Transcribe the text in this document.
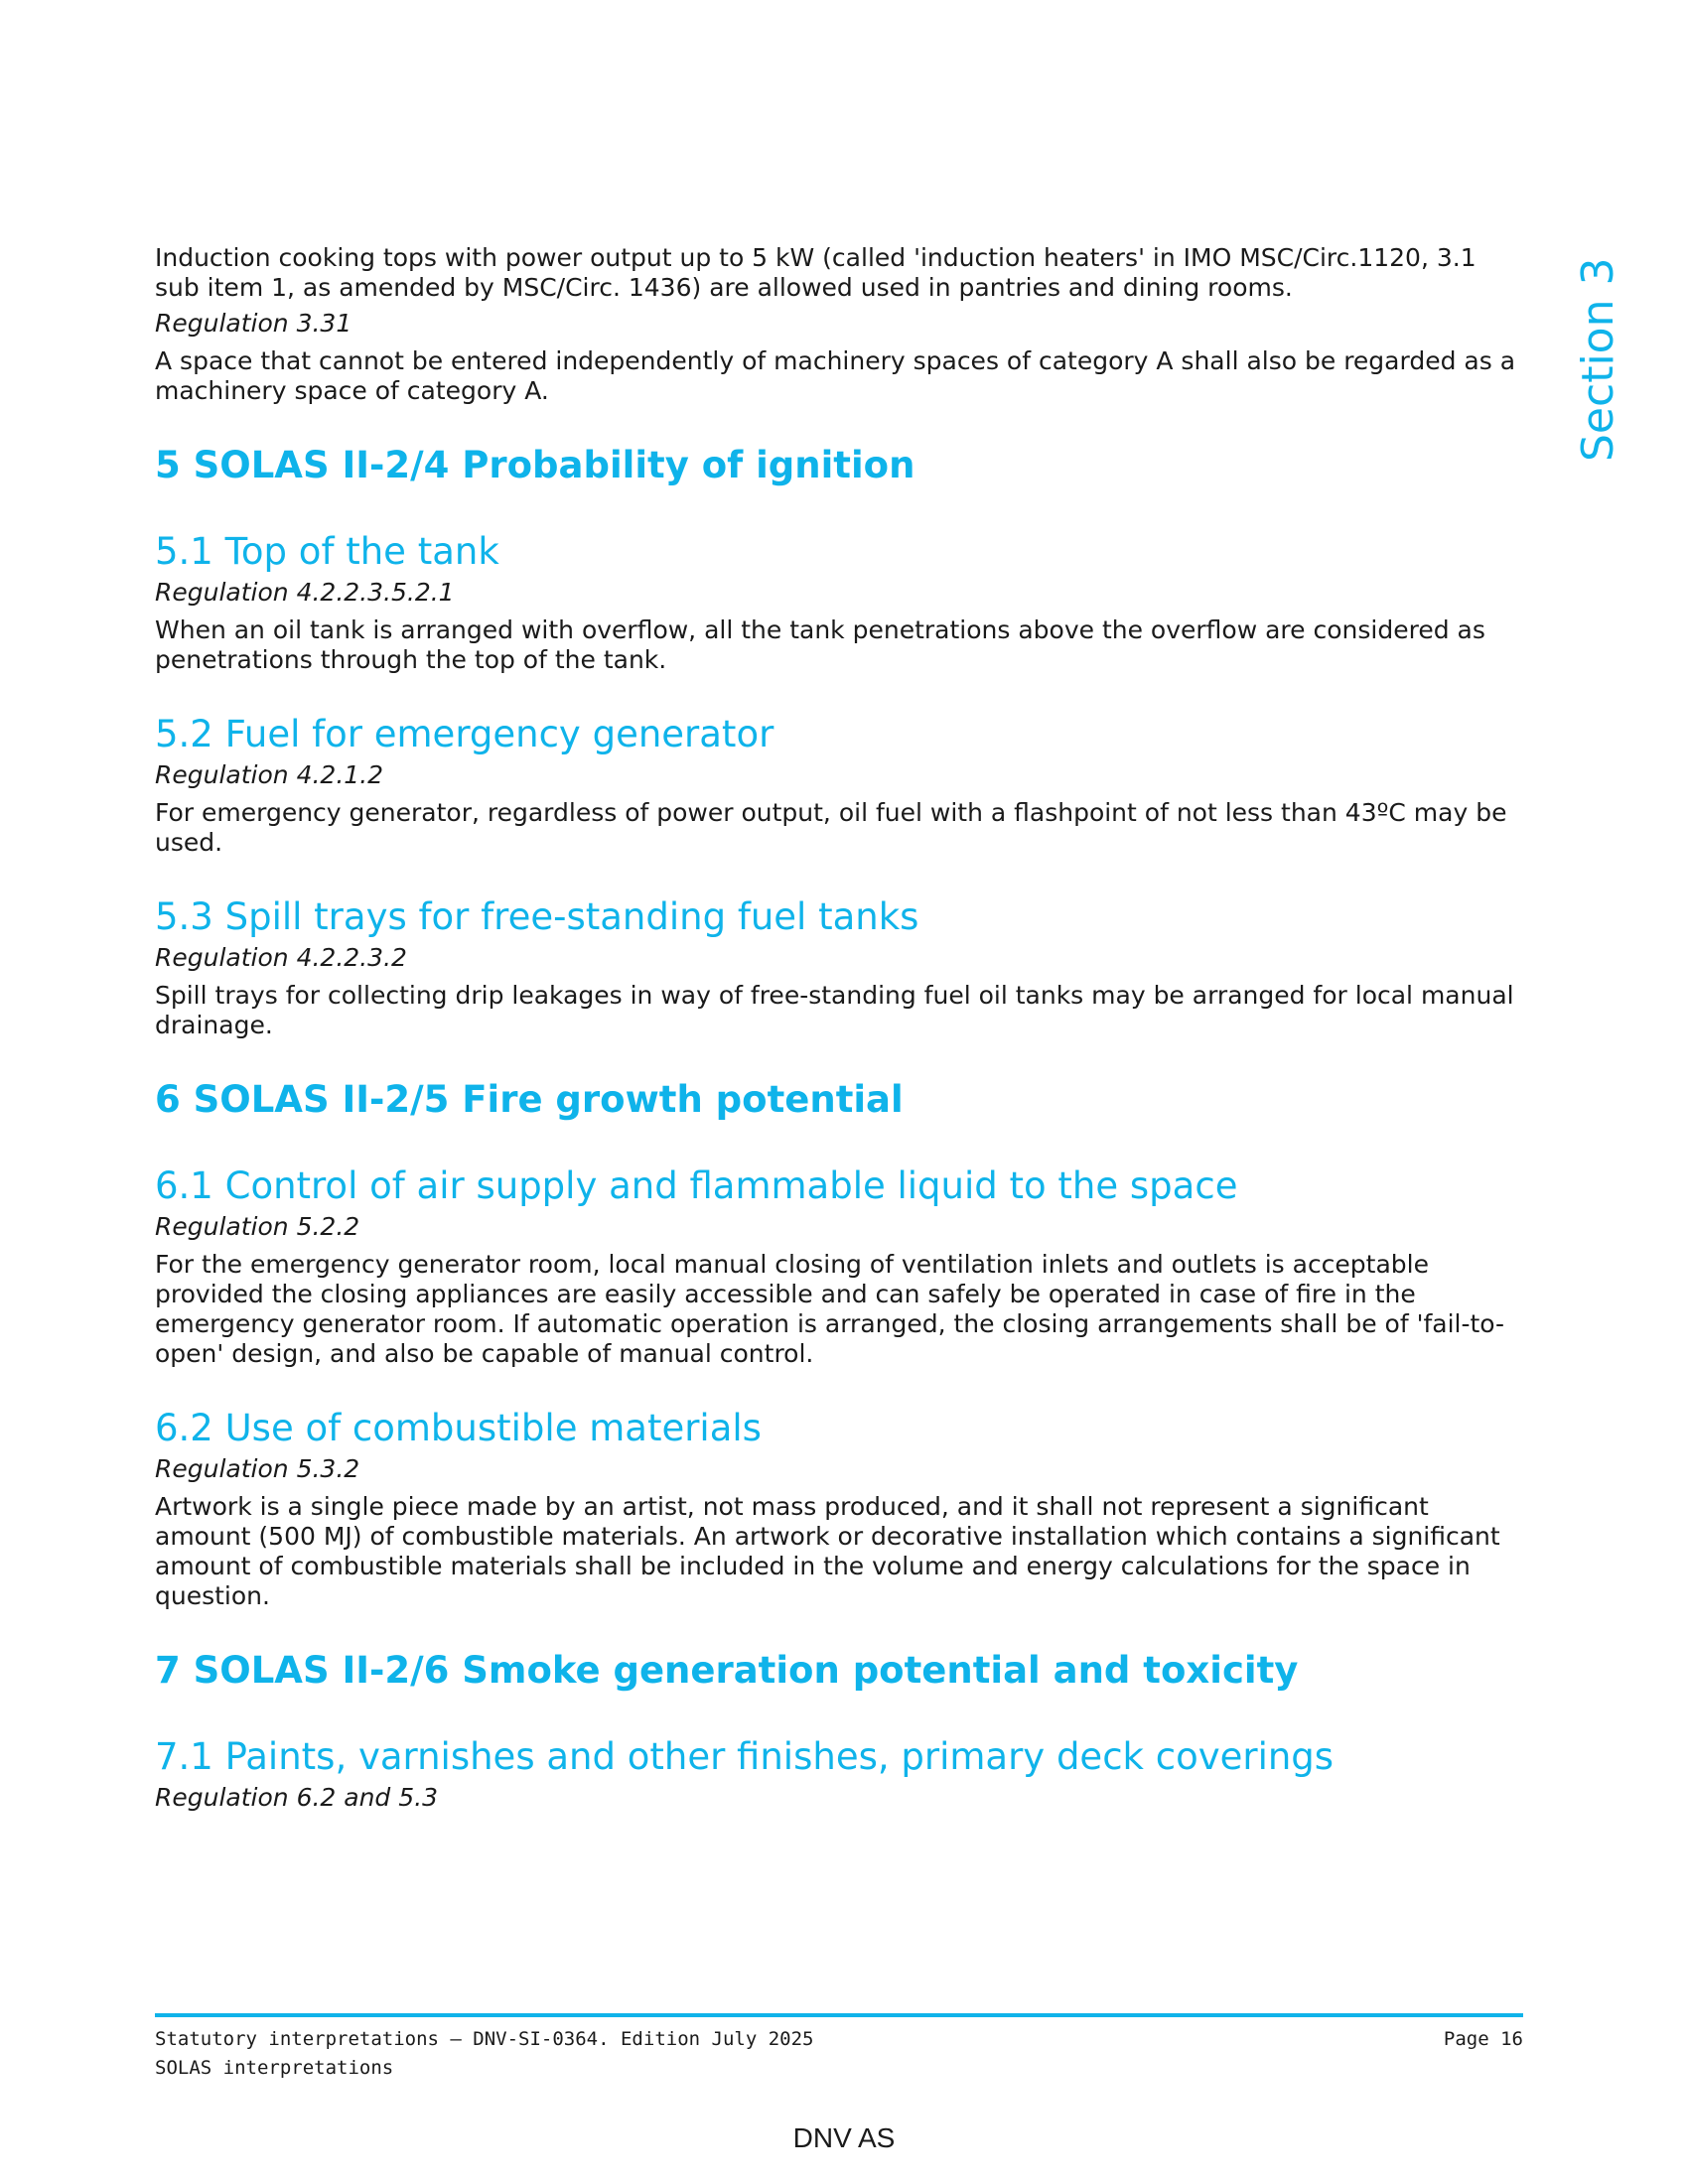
Section 3

Induction cooking tops with power output up to 5 kW (called 'induction heaters' in IMO MSC/Circ.1120, 3.1 sub item 1, as amended by MSC/Circ. 1436) are allowed used in pantries and dining rooms.

Regulation 3.31

A space that cannot be entered independently of machinery spaces of category A shall also be regarded as a machinery space of category A.

5 SOLAS II-2/4 Probability of ignition
5.1 Top of the tank

Regulation 4.2.2.3.5.2.1

When an oil tank is arranged with overflow, all the tank penetrations above the overflow are considered as penetrations through the top of the tank.

5.2 Fuel for emergency generator

Regulation 4.2.1.2

For emergency generator, regardless of power output, oil fuel with a flashpoint of not less than 43ºC may be used.

5.3 Spill trays for free-standing fuel tanks

Regulation 4.2.2.3.2

Spill trays for collecting drip leakages in way of free-standing fuel oil tanks may be arranged for local manual drainage.

6 SOLAS II-2/5 Fire growth potential
6.1 Control of air supply and flammable liquid to the space

Regulation 5.2.2

For the emergency generator room, local manual closing of ventilation inlets and outlets is acceptable provided the closing appliances are easily accessible and can safely be operated in case of fire in the emergency generator room. If automatic operation is arranged, the closing arrangements shall be of 'fail-to-open' design, and also be capable of manual control.

6.2 Use of combustible materials

Regulation 5.3.2

Artwork is a single piece made by an artist, not mass produced, and it shall not represent a significant amount (500 MJ) of combustible materials. An artwork or decorative installation which contains a significant amount of combustible materials shall be included in the volume and energy calculations for the space in question.

7 SOLAS II-2/6 Smoke generation potential and toxicity
7.1 Paints, varnishes and other finishes, primary deck coverings

Regulation 6.2 and 5.3

Statutory interpretations — DNV-SI-0364. Edition July 2025	Page 16
SOLAS interpretations
DNV AS
